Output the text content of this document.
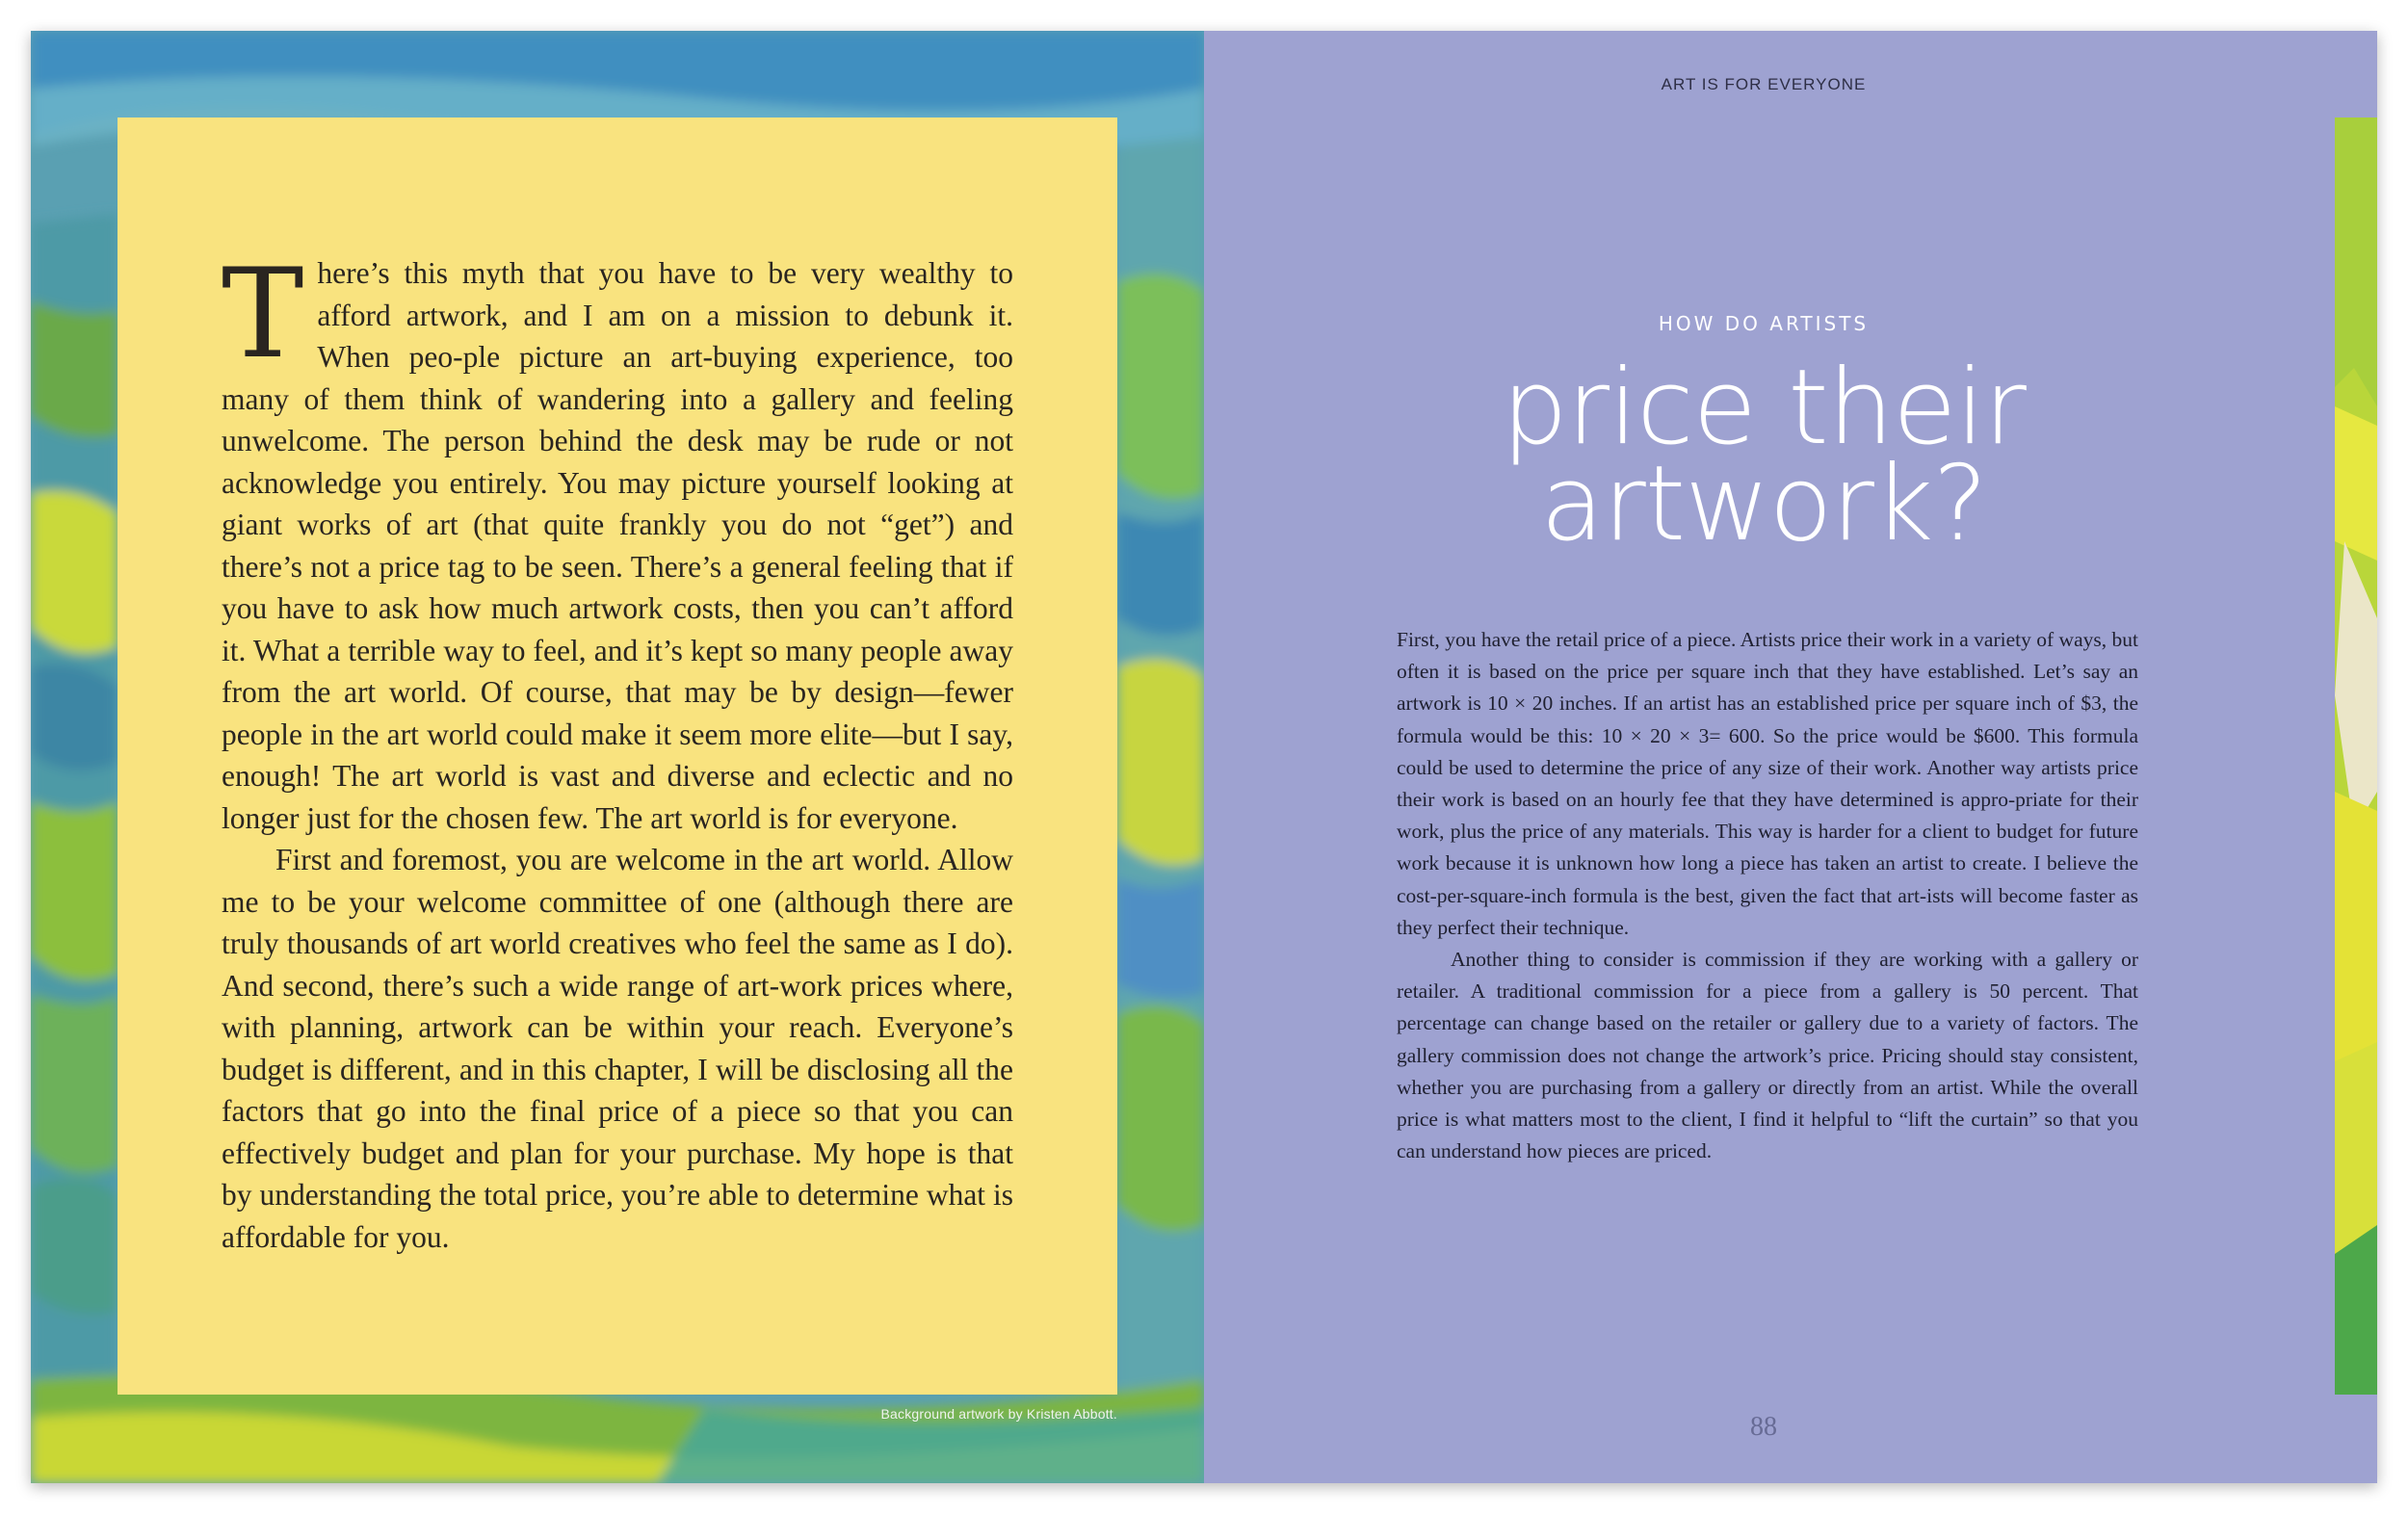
There’s this myth that you have to be very wealthy to afford artwork, and I am on a mission to debunk it. When peo-ple picture an art-buying experience, too many of them think of wandering into a gallery and feeling unwelcome. The person behind the desk may be rude or not acknowledge you entirely. You may picture yourself looking at giant works of art (that quite frankly you do not “get”) and there’s not a price tag to be seen. There’s a general feeling that if you have to ask how much artwork costs, then you can’t afford it. What a terrible way to feel, and it’s kept so many people away from the art world. Of course, that may be by design—fewer people in the art world could make it seem more elite—but I say, enough! The art world is vast and diverse and eclectic and no longer just for the chosen few. The art world is for everyone.

First and foremost, you are welcome in the art world. Allow me to be your welcome committee of one (although there are truly thousands of art world creatives who feel the same as I do). And second, there’s such a wide range of art-work prices where, with planning, artwork can be within your reach. Everyone’s budget is different, and in this chapter, I will be disclosing all the factors that go into the final price of a piece so that you can effectively budget and plan for your purchase. My hope is that by understanding the total price, you’re able to determine what is affordable for you.

Background artwork by Kristen Abbott.
ART IS FOR EVERYONE
HOW DO ARTISTS
price their
artwork?

First, you have the retail price of a piece. Artists price their work in a variety of ways, but often it is based on the price per square inch that they have established. Let’s say an artwork is 10 × 20 inches. If an artist has an established price per square inch of $3, the formula would be this: 10 × 20 × 3= 600. So the price would be $600. This formula could be used to determine the price of any size of their work. Another way artists price their work is based on an hourly fee that they have determined is appro-priate for their work, plus the price of any materials. This way is harder for a client to budget for future work because it is unknown how long a piece has taken an artist to create. I believe the cost-per-square-inch formula is the best, given the fact that art-ists will become faster as they perfect their technique.

Another thing to consider is commission if they are working with a gallery or retailer. A traditional commission for a piece from a gallery is 50 percent. That percentage can change based on the retailer or gallery due to a variety of factors. The gallery commission does not change the artwork’s price. Pricing should stay consistent, whether you are purchasing from a gallery or directly from an artist. While the overall price is what matters most to the client, I find it helpful to “lift the curtain” so that you can understand how pieces are priced.

88
